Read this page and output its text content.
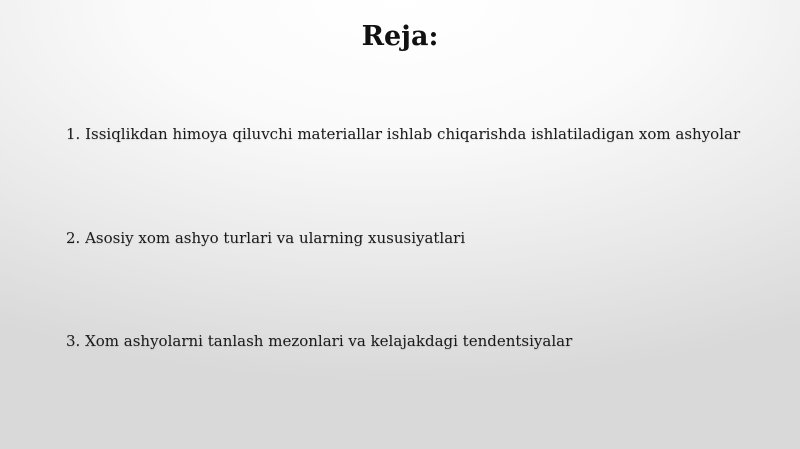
Reja:
1. Issiqlikdan himoya qiluvchi materiallar ishlab chiqarishda ishlatiladigan xom ashyolar
2. Asosiy xom ashyo turlari va ularning xususiyatlari
3. Xom ashyolarni tanlash mezonlari va kelajakdagi tendentsiyalar
